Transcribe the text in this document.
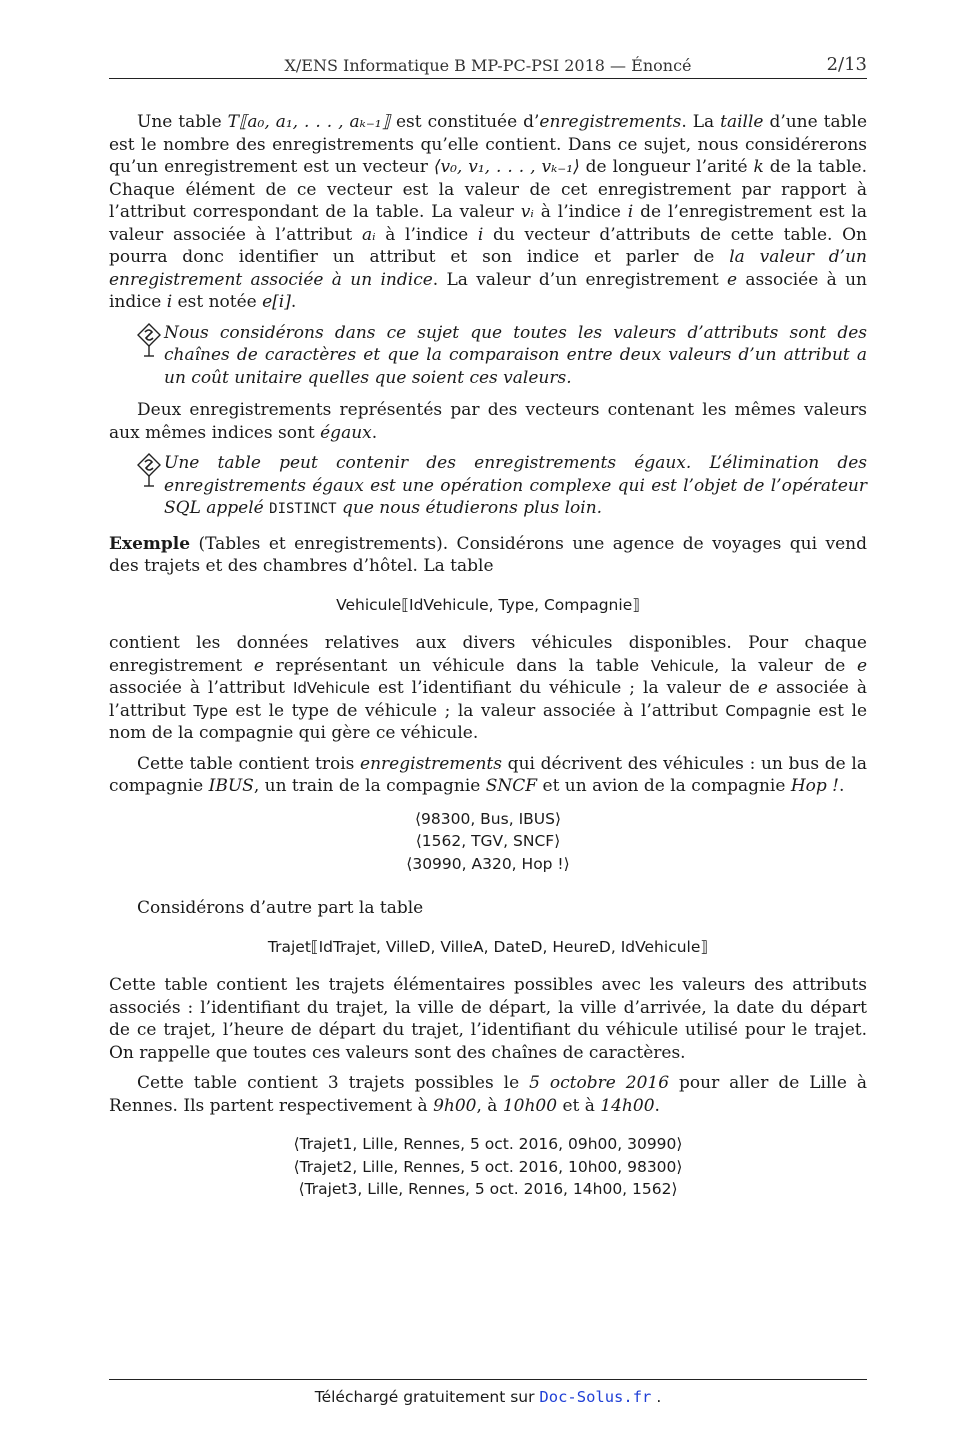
X/ENS Informatique B MP-PC-PSI 2018 — Énoncé	2/13

Une table T⟦a₀, a₁, . . . , aₖ₋₁⟧ est constituée d’enregistrements. La taille d’une table est le nombre des enregistrements qu’elle contient. Dans ce sujet, nous considérerons qu’un enregistrement est un vecteur ⟨v₀, v₁, . . . , vₖ₋₁⟩ de longueur l’arité k de la table. Chaque élément de ce vecteur est la valeur de cet enregistrement par rapport à l’attribut correspondant de la table. La valeur vᵢ à l’indice i de l’enregistrement est la valeur associée à l’attribut aᵢ à l’indice i du vecteur d’attributs de cette table. On pourra donc identifier un attribut et son indice et parler de la valeur d’un enregistrement associée à un indice. La valeur d’un enregistrement e associée à un indice i est notée e[i].

Nous considérons dans ce sujet que toutes les valeurs d’attributs sont des chaînes de caractères et que la comparaison entre deux valeurs d’un attribut a un coût unitaire quelles que soient ces valeurs.

Deux enregistrements représentés par des vecteurs contenant les mêmes valeurs aux mêmes indices sont égaux.

Une table peut contenir des enregistrements égaux. L’élimination des enregistrements égaux est une opération complexe qui est l’objet de l’opérateur SQL appelé DISTINCT que nous étudierons plus loin.

Exemple (Tables et enregistrements). Considérons une agence de voyages qui vend des trajets et des chambres d’hôtel. La table

Vehicule⟦IdVehicule, Type, Compagnie⟧

contient les données relatives aux divers véhicules disponibles. Pour chaque enregistrement e représentant un véhicule dans la table Vehicule, la valeur de e associée à l’attribut IdVehicule est l’identifiant du véhicule ; la valeur de e associée à l’attribut Type est le type de véhicule ; la valeur associée à l’attribut Compagnie est le nom de la compagnie qui gère ce véhicule.

Cette table contient trois enregistrements qui décrivent des véhicules : un bus de la compagnie IBUS, un train de la compagnie SNCF et un avion de la compagnie Hop !.

⟨98300, Bus, IBUS⟩
⟨1562, TGV, SNCF⟩
⟨30990, A320, Hop !⟩

Considérons d’autre part la table

Trajet⟦IdTrajet, VilleD, VilleA, DateD, HeureD, IdVehicule⟧

Cette table contient les trajets élémentaires possibles avec les valeurs des attributs associés : l’identifiant du trajet, la ville de départ, la ville d’arrivée, la date du départ de ce trajet, l’heure de départ du trajet, l’identifiant du véhicule utilisé pour le trajet. On rappelle que toutes ces valeurs sont des chaînes de caractères.

Cette table contient 3 trajets possibles le 5 octobre 2016 pour aller de Lille à Rennes. Ils partent respectivement à 9h00, à 10h00 et à 14h00.

⟨Trajet1, Lille, Rennes, 5 oct. 2016, 09h00, 30990⟩
⟨Trajet2, Lille, Rennes, 5 oct. 2016, 10h00, 98300⟩
⟨Trajet3, Lille, Rennes, 5 oct. 2016, 14h00, 1562⟩
Téléchargé gratuitement sur Doc-Solus.fr .
